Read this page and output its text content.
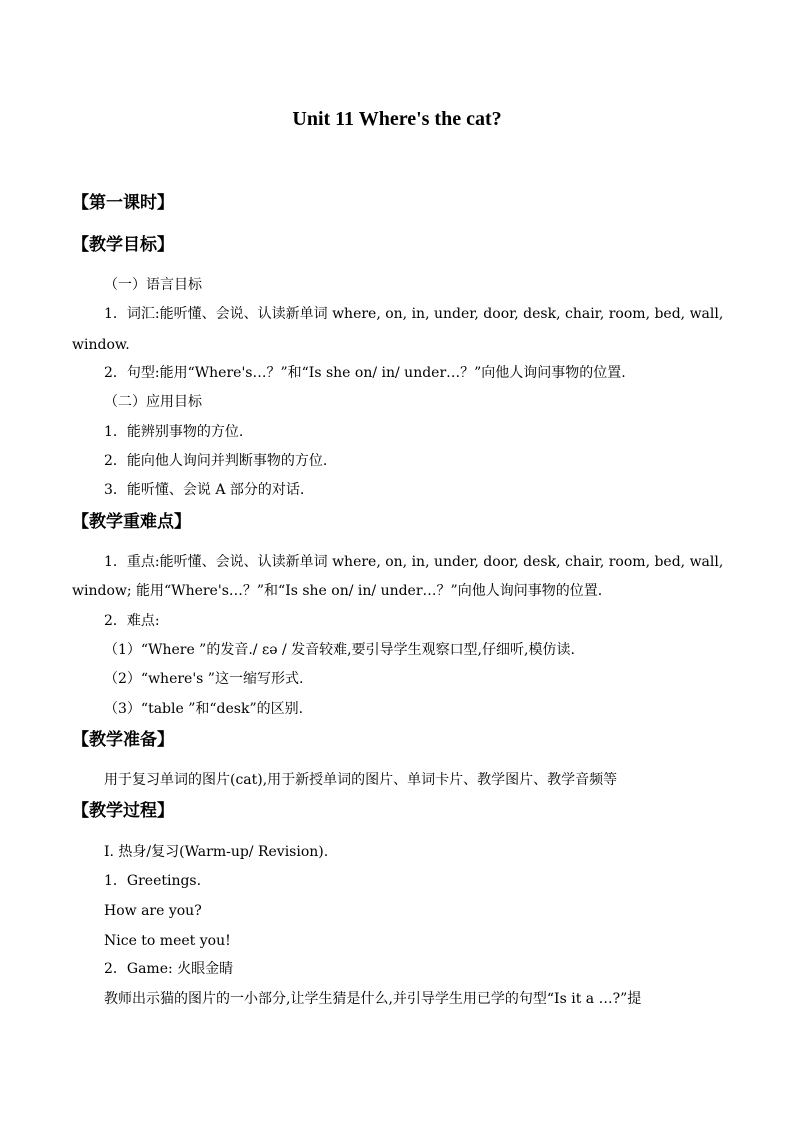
Unit 11 Where's the cat?
【第一课时】
【教学目标】
（一）语言目标
1．词汇:能听懂、会说、认读新单词 where, on, in, under, door, desk, chair, room, bed, wall,
window.
2．句型:能用“Where's…？”和“Is she on/ in/ under…？”向他人询问事物的位置.
（二）应用目标
1．能辨别事物的方位.
2．能向他人询问并判断事物的方位.
3．能听懂、会说 A 部分的对话.
【教学重难点】
1．重点:能听懂、会说、认读新单词 where, on, in, under, door, desk, chair, room, bed, wall,
window; 能用“Where's…？”和“Is she on/ in/ under…？”向他人询问事物的位置.
2．难点:
（1）“Where ”的发音./ εə / 发音较难,要引导学生观察口型,仔细听,模仿读.
（2）“where's ”这一缩写形式.
（3）“table ”和“desk”的区别.
【教学准备】
用于复习单词的图片(cat),用于新授单词的图片、单词卡片、教学图片、教学音频等
【教学过程】
I. 热身/复习(Warm-up/ Revision).
1．Greetings.
How are you?
Nice to meet you!
2．Game: 火眼金睛
教师出示猫的图片的一小部分,让学生猜是什么,并引导学生用已学的句型“Is it a …?”提
